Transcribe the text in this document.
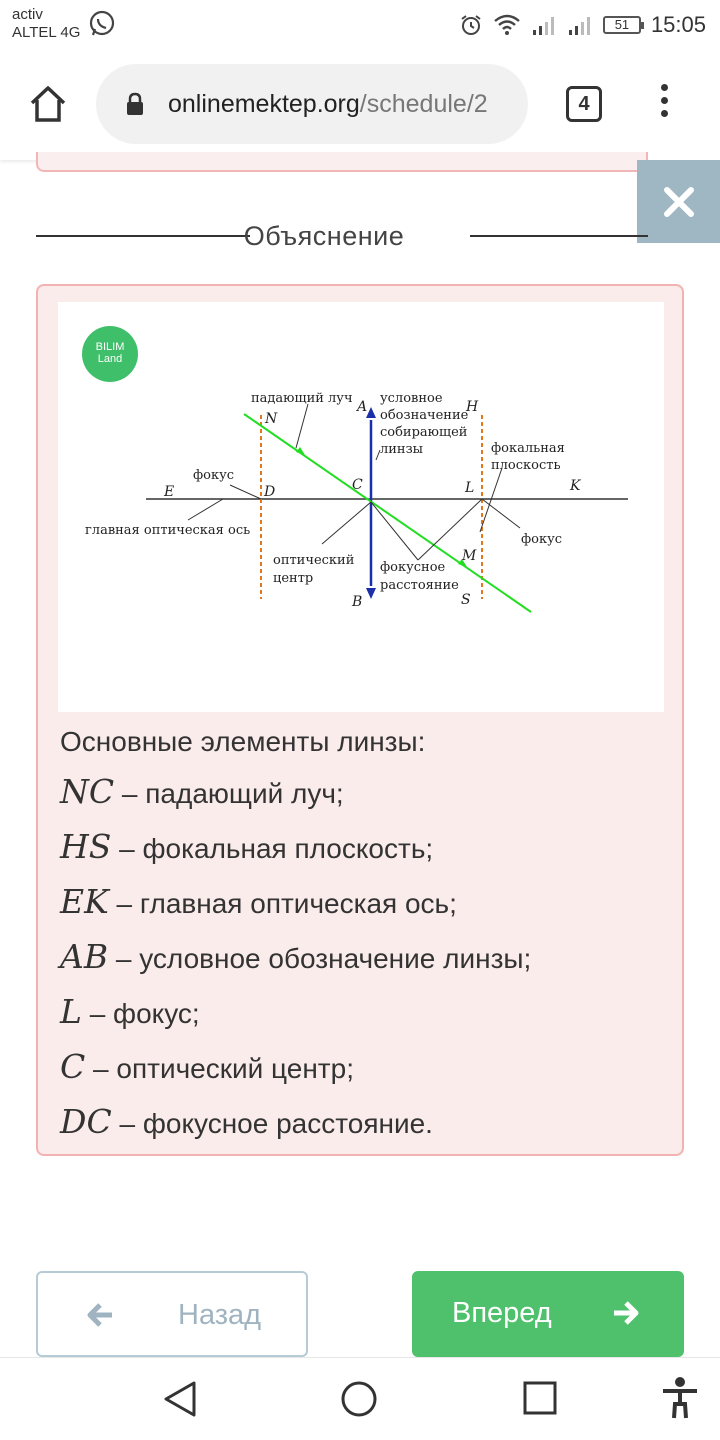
activ
ALTEL 4G	51 15:05
onlinemektep.org/schedule/2	4
Объяснение
BILIM
Land
падающий луч условное
обозначение
собирающей
линзы	фокальная
плоскость
фокус
главная оптическая ось
фокус
оптический
центр
фокусное
расстояние
N
A	H
E	D	C	L	K
M
B	S
Основные элементы линзы:
NC – падающий луч;
HS – фокальная плоскость;
EK – главная оптическая ось;
AB – условное обозначение линзы;
L – фокус;
C – оптический центр;
DC – фокусное расстояние.
Назад	Вперед
